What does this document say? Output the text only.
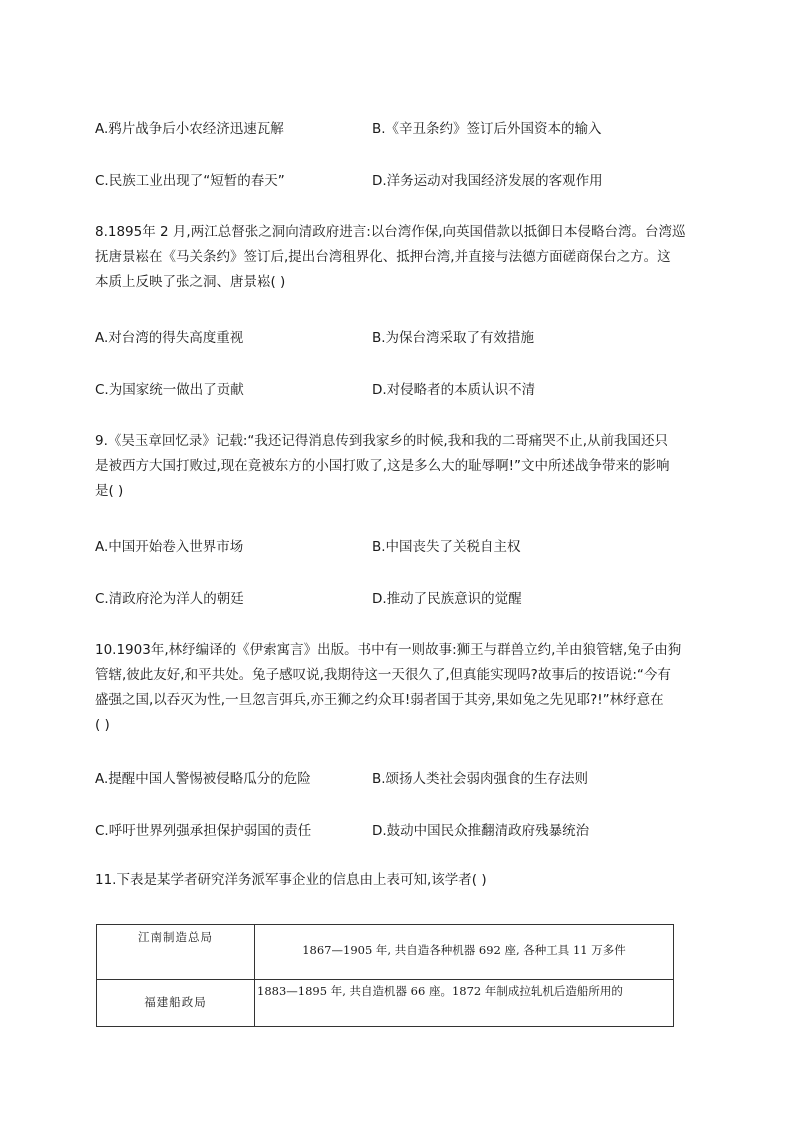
A.鸦片战争后小农经济迅速瓦解	B.《辛丑条约》签订后外国资本的输入
C.民族工业出现了“短暂的春天”	D.洋务运动对我国经济发展的客观作用
8.1895年 2 月,两江总督张之洞向清政府进言:以台湾作保,向英国借款以抵御日本侵略台湾。台湾巡
抚唐景崧在《马关条约》签订后,提出台湾租界化、抵押台湾,并直接与法德方面磋商保台之方。这
本质上反映了张之洞、唐景崧( )
A.对台湾的得失高度重视	B.为保台湾采取了有效措施
C.为国家统一做出了贡献	D.对侵略者的本质认识不清
9.《吴玉章回忆录》记载:“我还记得消息传到我家乡的时候,我和我的二哥痛哭不止,从前我国还只
是被西方大国打败过,现在竟被东方的小国打败了,这是多么大的耻辱啊!”文中所述战争带来的影响
是( )
A.中国开始卷入世界市场	B.中国丧失了关税自主权
C.清政府沦为洋人的朝廷	D.推动了民族意识的觉醒
10.1903年,林纾编译的《伊索寓言》出版。书中有一则故事:狮王与群兽立约,羊由狼管辖,兔子由狗
管辖,彼此友好,和平共处。兔子感叹说,我期待这一天很久了,但真能实现吗?故事后的按语说:“今有
盛强之国,以吞灭为性,一旦忽言弭兵,亦王狮之约众耳!弱者国于其旁,果如兔之先见耶?!”林纾意在
( )
A.提醒中国人警惕被侵略瓜分的危险	B.颂扬人类社会弱肉强食的生存法则
C.呼吁世界列强承担保护弱国的责任	D.鼓动中国民众推翻清政府残暴统治
11.下表是某学者研究洋务派军事企业的信息由上表可知,该学者( )
江南制造总局	1867—1905 年, 共自造各种机器 692 座, 各种工具 11 万多件

福建船政局	1883—1895 年, 共自造机器 66 座。1872 年制成拉轧机后造船所用的
